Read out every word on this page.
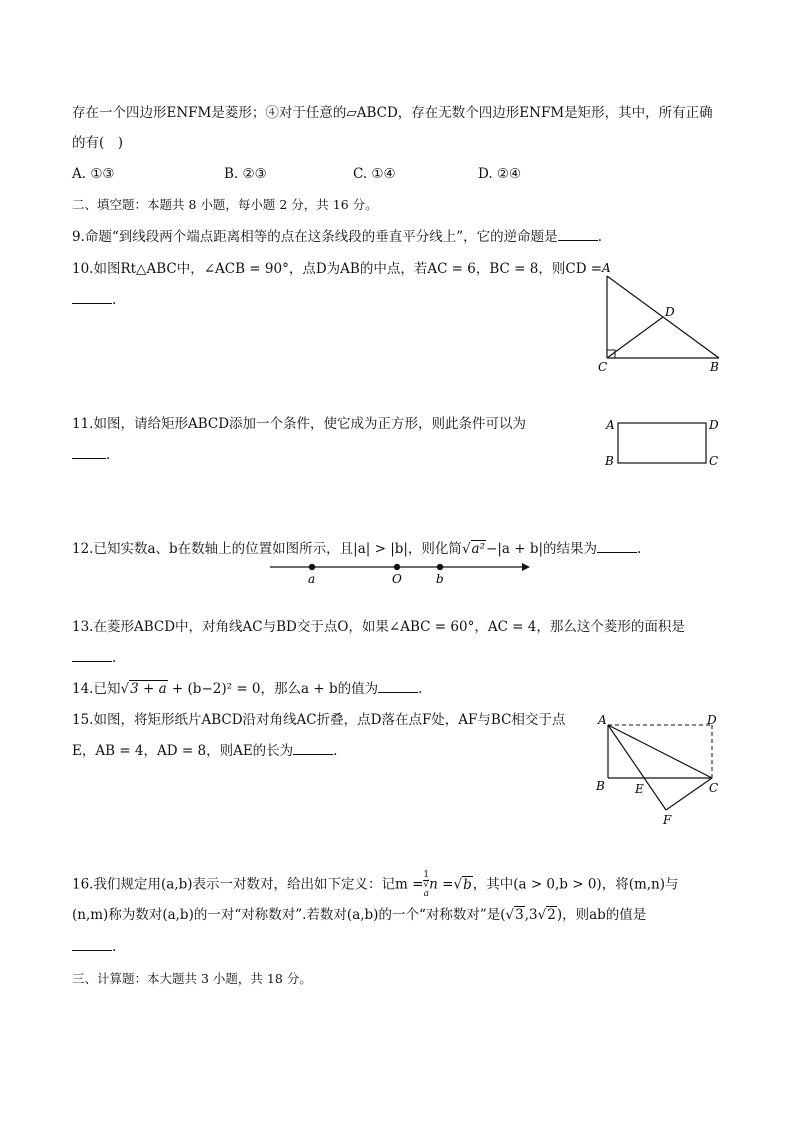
存在一个四边形ENFM是菱形；④对于任意的▱ABCD，存在无数个四边形ENFM是矩形，其中，所有正确
的有(　)
A. ①③	B. ②③	C. ①④	D. ②④
二、填空题：本题共 8 小题，每小题 2 分，共 16 分。
9.命题“到线段两个端点距离相等的点在这条线段的垂直平分线上”，它的逆命题是	.
10.如图Rt△ABC中，∠ACB = 90°，点D为AB的中点，若AC = 6，BC = 8，则CD =
.
A
D
C	B
11.如图，请给矩形ABCD添加一个条件，使它成为正方形，则此条件可以为
.
A	D
B	C
12.已知实数a、b在数轴上的位置如图所示，且|a| > |b|，则化简√a²−|a + b|的结果为	.
a	O	b
13.在菱形ABCD中，对角线AC与BD交于点O，如果∠ABC = 60°，AC = 4，那么这个菱形的面积是
.
14.已知√3 + a + (b−2)² = 0，那么a + b的值为	.
15.如图，将矩形纸片ABCD沿对角线AC折叠，点D落在点F处，AF与BC相交于点
E，AB = 4，AD = 8，则AE的长为	.
A	D
B	E	C
F
16.我们规定用(a,b)表示一对数对，给出如下定义：记m = 1
√
a n =√b，其中(a > 0,b > 0)，将(m,n)与
(n,m)称为数对(a,b)的一对“对称数对”.若数对(a,b)的一个“对称数对”是(√3,3√2)，则ab的值是
.
三、计算题：本大题共 3 小题，共 18 分。
